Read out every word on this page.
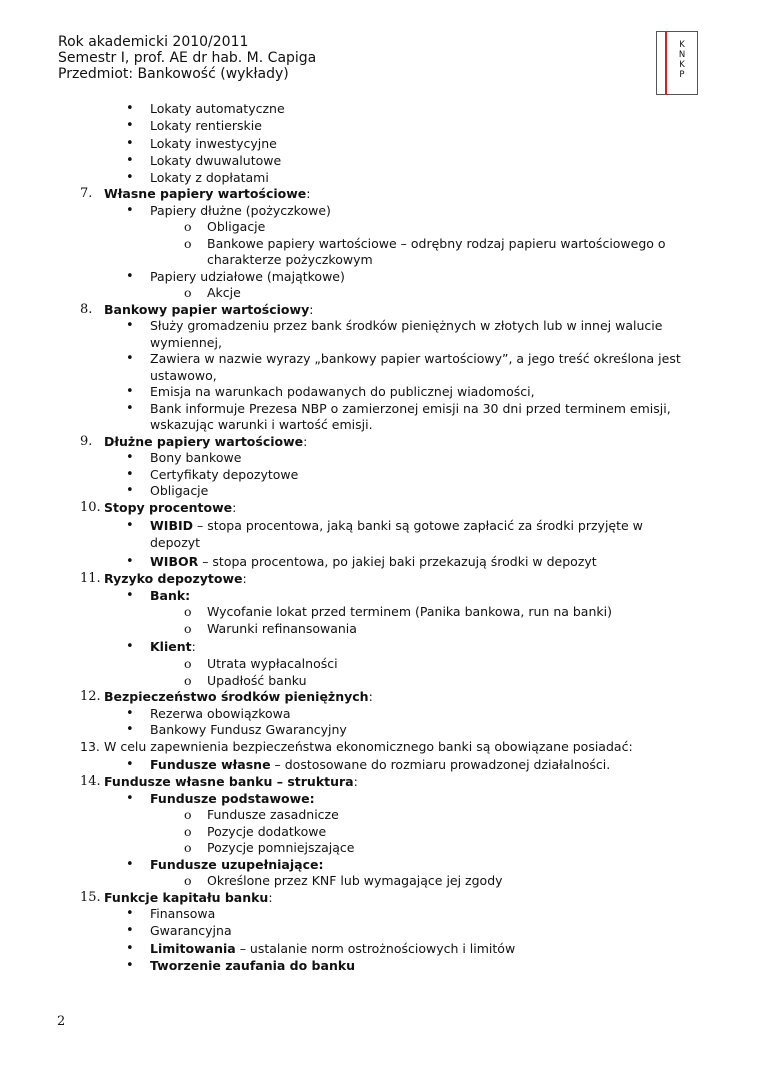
Rok akademicki 2010/2011
Semestr I, prof. AE dr hab. M. Capiga
Przedmiot: Bankowość (wykłady)
K
N
K
P
• Lokaty automatyczne
• Lokaty rentierskie
• Lokaty inwestycyjne
• Lokaty dwuwalutowe
• Lokaty z dopłatami
7. Własne papiery wartościowe:
• Papiery dłużne (pożyczkowe)
o Obligacje
o Bankowe papiery wartościowe – odrębny rodzaj papieru wartościowego o
charakterze pożyczkowym
• Papiery udziałowe (majątkowe)
o Akcje
8. Bankowy papier wartościowy:
• Służy gromadzeniu przez bank środków pieniężnych w złotych lub w innej walucie
wymiennej,
• Zawiera w nazwie wyrazy „bankowy papier wartościowy”, a jego treść określona jest
ustawowo,
• Emisja na warunkach podawanych do publicznej wiadomości,
• Bank informuje Prezesa NBP o zamierzonej emisji na 30 dni przed terminem emisji,
wskazując warunki i wartość emisji.
9. Dłużne papiery wartościowe:
• Bony bankowe
• Certyfikaty depozytowe
• Obligacje
10. Stopy procentowe:
• WIBID – stopa procentowa, jaką banki są gotowe zapłacić za środki przyjęte w
depozyt
• WIBOR – stopa procentowa, po jakiej baki przekazują środki w depozyt
11. Ryzyko depozytowe:
• Bank:
o Wycofanie lokat przed terminem (Panika bankowa, run na banki)
o Warunki refinansowania
• Klient:
o Utrata wypłacalności
o Upadłość banku
12. Bezpieczeństwo środków pieniężnych:
• Rezerwa obowiązkowa
• Bankowy Fundusz Gwarancyjny
13. W celu zapewnienia bezpieczeństwa ekonomicznego banki są obowiązane posiadać:
• Fundusze własne – dostosowane do rozmiaru prowadzonej działalności.
14. Fundusze własne banku – struktura:
• Fundusze podstawowe:
o Fundusze zasadnicze
o Pozycje dodatkowe
o Pozycje pomniejszające
• Fundusze uzupełniające:
o Określone przez KNF lub wymagające jej zgody
15. Funkcje kapitału banku:
• Finansowa
• Gwarancyjna
• Limitowania – ustalanie norm ostrożnościowych i limitów
• Tworzenie zaufania do banku
2
